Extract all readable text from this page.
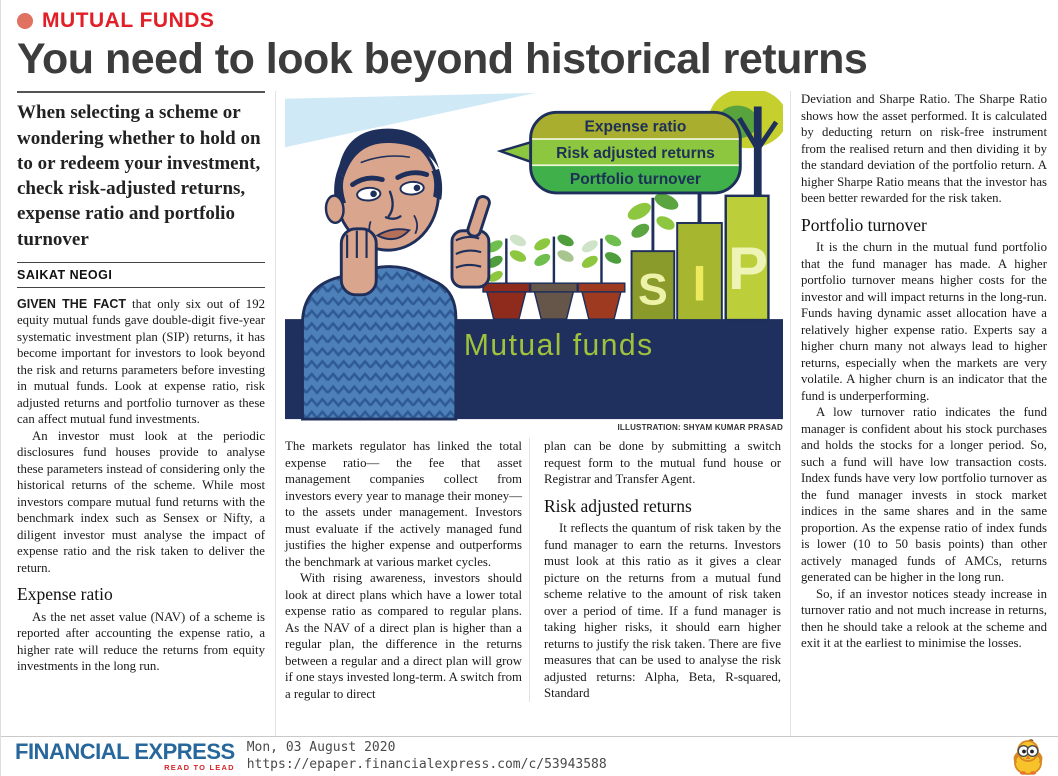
MUTUAL FUNDS
You need to look beyond historical returns
When selecting a scheme or wondering whether to hold on to or redeem your investment, check risk-adjusted returns, expense ratio and portfolio turnover
SAIKAT NEOGI

GIVEN THE FACT that only six out of 192 equity mutual funds gave double-digit five-year systematic investment plan (SIP) returns, it has become important for investors to look beyond the risk and returns parameters before investing in mutual funds. Look at expense ratio, risk adjusted returns and portfolio turnover as these can affect mutual fund investments.

An investor must look at the periodic disclosures fund houses provide to analyse these parameters instead of considering only the historical returns of the scheme. While most investors compare mutual fund returns with the benchmark index such as Sensex or Nifty, a diligent investor must analyse the impact of expense ratio and the risk taken to deliver the return.

Expense ratio

As the net asset value (NAV) of a scheme is reported after accounting the expense ratio, a higher rate will reduce the returns from equity investments in the long run.

S I P
Expense ratio
Risk adjusted returns
Portfolio turnover
Mutual funds
ILLUSTRATION: SHYAM KUMAR PRASAD

The markets regulator has linked the total expense ratio— the fee that asset management companies collect from investors every year to manage their money—to the assets under management. Investors must evaluate if the actively managed fund justifies the higher expense and outperforms the benchmark at various market cycles.

With rising awareness, investors should look at direct plans which have a lower total expense ratio as compared to regular plans. As the NAV of a direct plan is higher than a regular plan, the difference in the returns between a regular and a direct plan will grow if one stays invested long-term. A switch from a regular to direct

plan can be done by submitting a switch request form to the mutual fund house or Registrar and Transfer Agent.

Risk adjusted returns

It reflects the quantum of risk taken by the fund manager to earn the returns. Investors must look at this ratio as it gives a clear picture on the returns from a mutual fund scheme relative to the amount of risk taken over a period of time. If a fund manager is taking higher risks, it should earn higher returns to justify the risk taken. There are five measures that can be used to analyse the risk adjusted returns: Alpha, Beta, R-squared, Standard

Deviation and Sharpe Ratio. The Sharpe Ratio shows how the asset performed. It is calculated by deducting return on risk-free instrument from the realised return and then dividing it by the standard deviation of the portfolio return. A higher Sharpe Ratio means that the investor has been better rewarded for the risk taken.

Portfolio turnover

It is the churn in the mutual fund portfolio that the fund manager has made. A higher portfolio turnover means higher costs for the investor and will impact returns in the long-run. Funds having dynamic asset allocation have a relatively higher expense ratio. Experts say a higher churn many not always lead to higher returns, especially when the markets are very volatile. A higher churn is an indicator that the fund is underperforming.

A low turnover ratio indicates the fund manager is confident about his stock purchases and holds the stocks for a longer period. So, such a fund will have low transaction costs. Index funds have very low portfolio turnover as the fund manager invests in stock market indices in the same shares and in the same proportion. As the expense ratio of index funds is lower (10 to 50 basis points) than other actively managed funds of AMCs, returns generated can be higher in the long run.

So, if an investor notices steady increase in turnover ratio and not much increase in returns, then he should take a relook at the scheme and exit it at the earliest to minimise the losses.

FINANCIAL EXPRESS
READ TO LEAD
Mon, 03 August 2020
https://epaper.financialexpress.com/c/53943588
